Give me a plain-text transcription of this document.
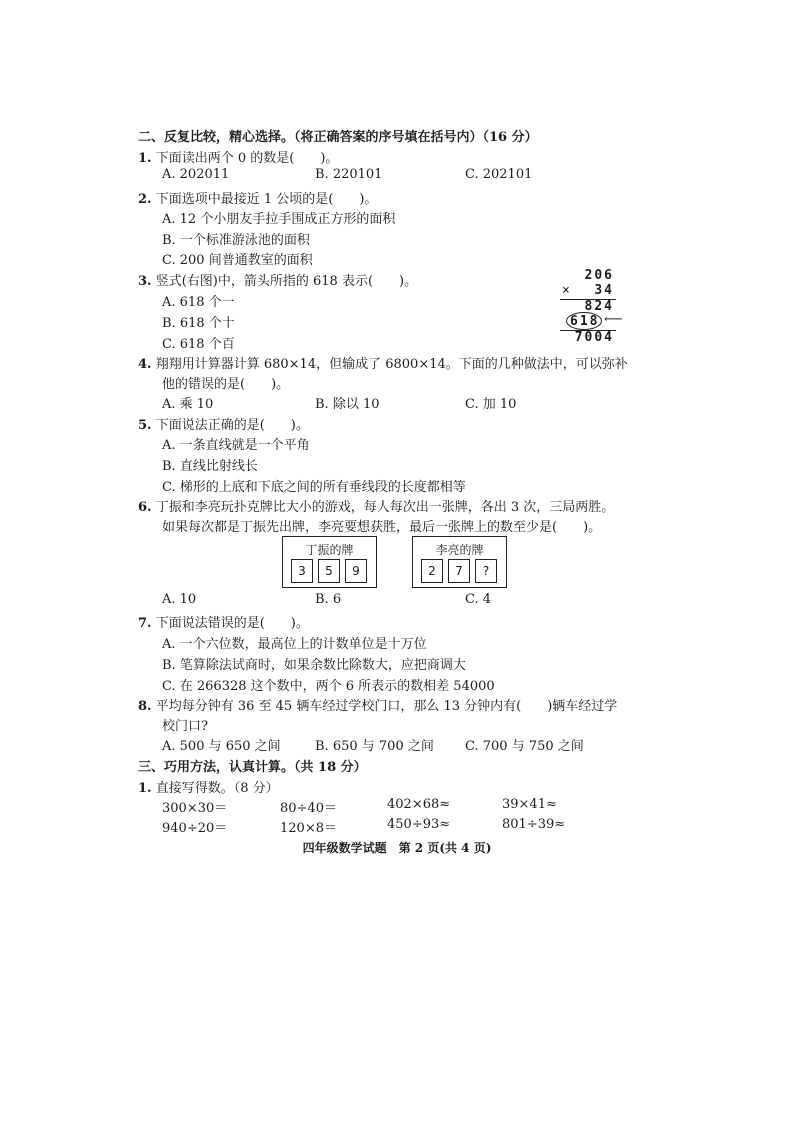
二、反复比较，精心选择。（将正确答案的序号填在括号内）（16 分）
1. 下面读出两个 0 的数是(　　)。
A. 202011	B. 220101	C. 202101
2. 下面选项中最接近 1 公顷的是(　　)。
A. 12 个小朋友手拉手围成正方形的面积
B. 一个标准游泳池的面积
C. 200 间普通教室的面积
3. 竖式(右图)中，箭头所指的 618 表示(　　)。
A. 618 个一
B. 618 个十
C. 618 个百
206
× 34
824
618 ⟵
7004
4. 翔翔用计算器计算 680×14，但输成了 6800×14。下面的几种做法中，可以弥补
他的错误的是(　　)。
A. 乘 10	B. 除以 10	C. 加 10
5. 下面说法正确的是(　　)。
A. 一条直线就是一个平角
B. 直线比射线长
C. 梯形的上底和下底之间的所有垂线段的长度都相等
6. 丁振和李亮玩扑克牌比大小的游戏，每人每次出一张牌，各出 3 次，三局两胜。
如果每次都是丁振先出牌，李亮要想获胜，最后一张牌上的数至少是(　　)。
丁振的牌
3	5	9
李亮的牌
2	7	?
A. 10	B. 6	C. 4
7. 下面说法错误的是(　　)。
A. 一个六位数，最高位上的计数单位是十万位
B. 笔算除法试商时，如果余数比除数大，应把商调大
C. 在 266328 这个数中，两个 6 所表示的数相差 54000
8. 平均每分钟有 36 至 45 辆车经过学校门口，那么 13 分钟内有(　　)辆车经过学
校门口?
A. 500 与 650 之间	B. 650 与 700 之间 C. 700 与 750 之间
三、巧用方法，认真计算。（共 18 分）
1. 直接写得数。（8 分）
300×30＝	80÷40＝	402×68≈	39×41≈
940÷20＝	120×8＝	450÷93≈	801÷39≈
四年级数学试题　第 2 页(共 4 页)
